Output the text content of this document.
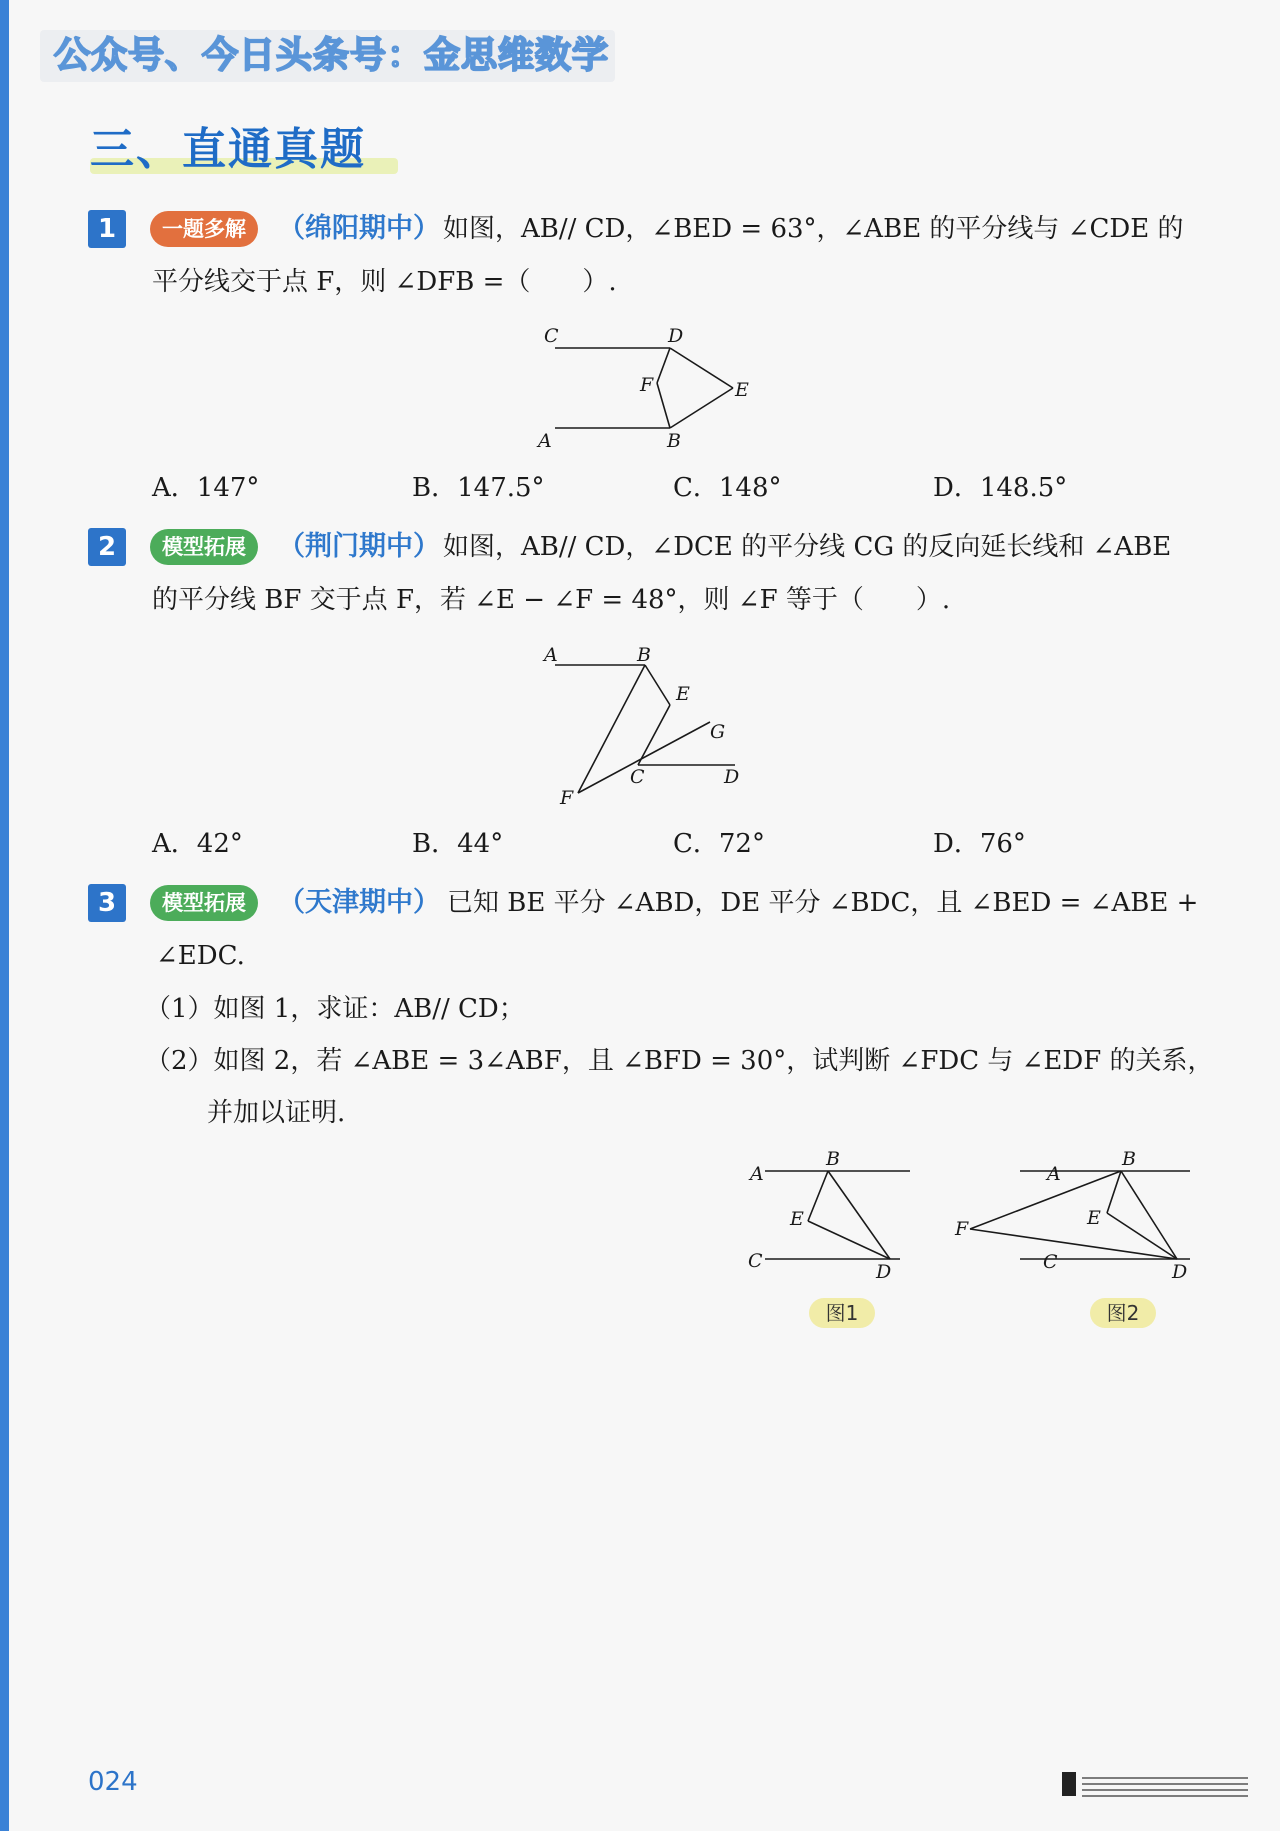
公众号、今日头条号：金思维数学
三、直通真题
1	一题多解	（绵阳期中） 如图，AB// CD，∠BED = 63°，∠ABE 的平分线与 ∠CDE 的
平分线交于点 F，则 ∠DFB =（　　）.
C	D
F	E
A	B
A．147°	B．147.5°	C．148°	D．148.5°
2	模型拓展	（荆门期中） 如图，AB// CD，∠DCE 的平分线 CG 的反向延长线和 ∠ABE
的平分线 BF 交于点 F，若 ∠E − ∠F = 48°，则 ∠F 等于（　　）.
A	B
E
G
C	D
F
A．42°	B．44°	C．72°	D．76°
3	模型拓展	（天津期中） 已知 BE 平分 ∠ABD，DE 平分 ∠BDC，且 ∠BED = ∠ABE +
∠EDC.
（1）如图 1，求证：AB// CD；
（2）如图 2，若 ∠ABE = 3∠ABF，且 ∠BFD = 30°，试判断 ∠FDC 与 ∠EDF 的关系，
并加以证明.
A
B
E
C	D
图1
A
B
F	E
C	D
图2
024
